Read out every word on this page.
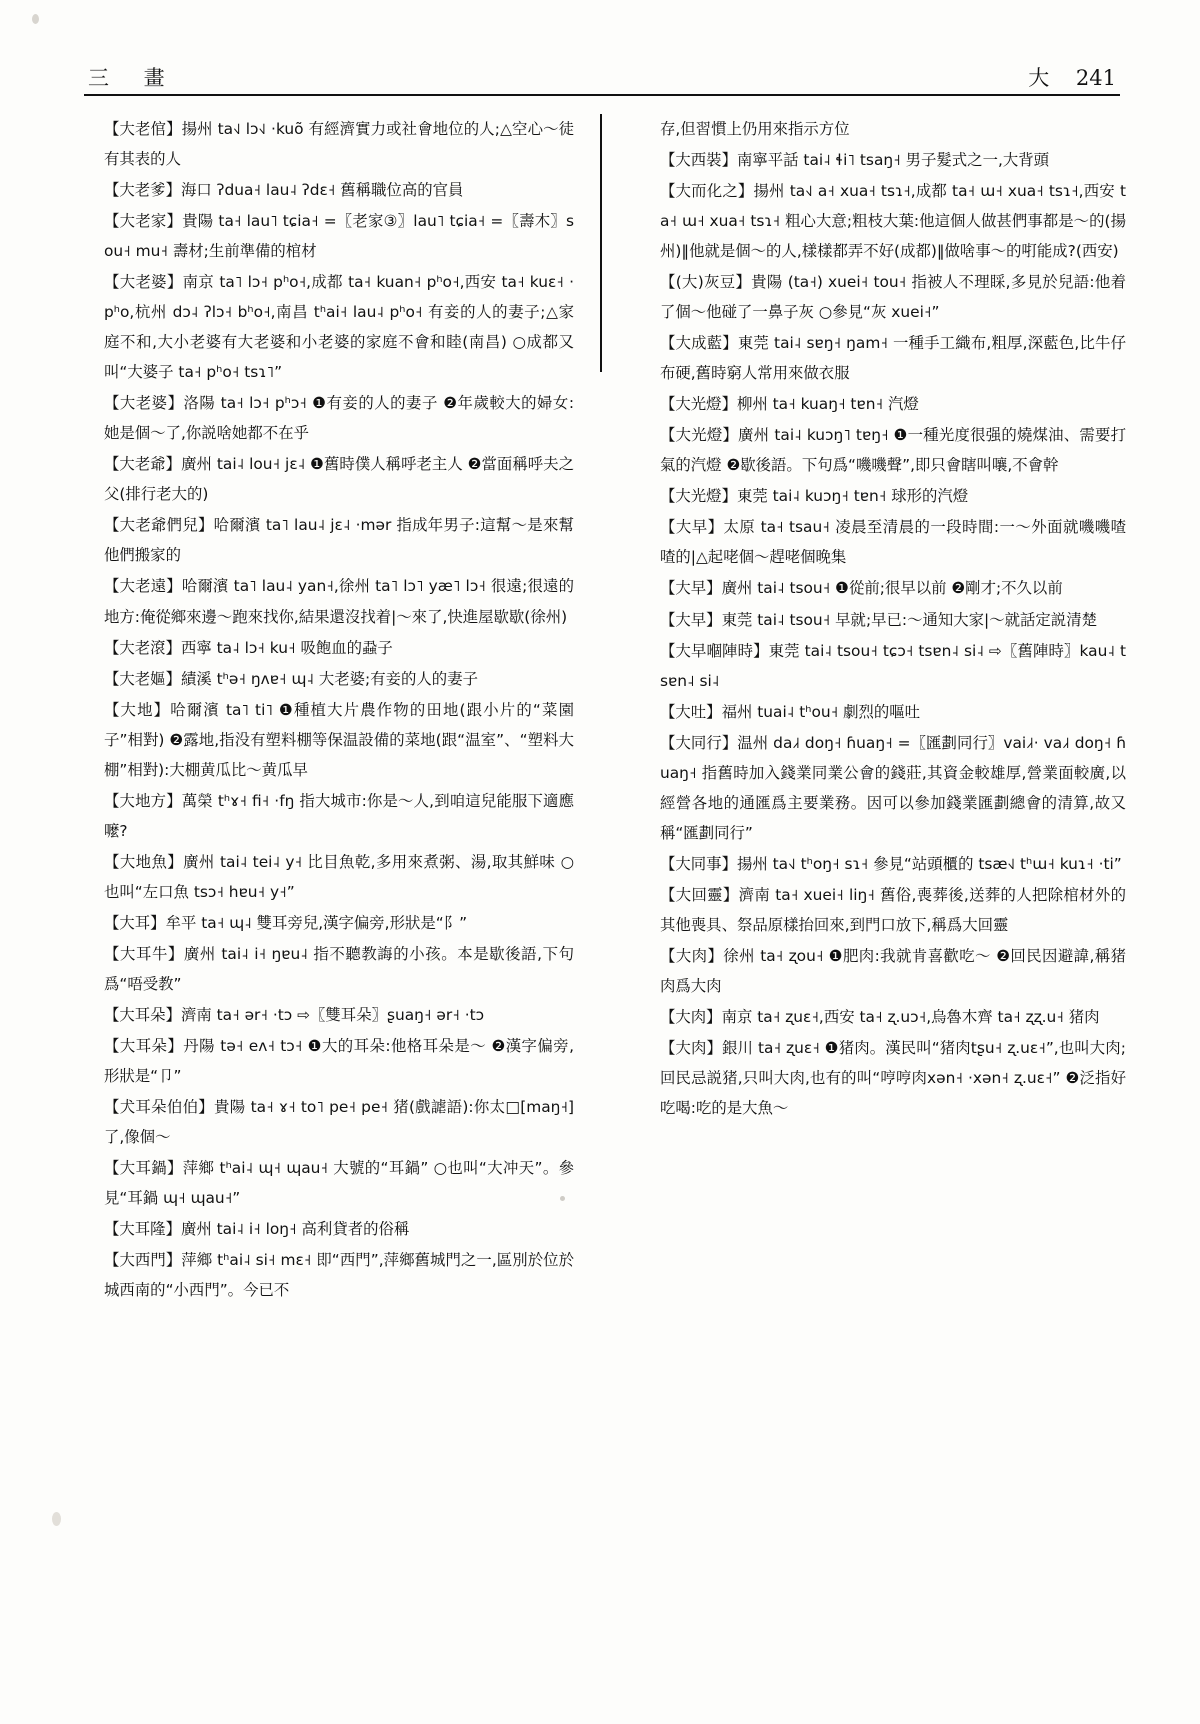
三 畫	大 241

【大老倌】揚州 ta˧˩ lɔ˧˩ ·kuõ 有經濟實力或社會地位的人;△空心～徒有其表的人

【大老爹】海口 ʔdua˧ lau˨ ʔdɛ˧ 舊稱職位高的官員

【大老家】貴陽 ta˧ lau˥ tɕia˧ =〖老家③〗lau˥ tɕia˧ =〖壽木〗sou˧ mu˧ 壽材;生前準備的棺材

【大老婆】南京 ta˥ lɔ˧ pʰo˧,成都 ta˧ kuan˧ pʰo˧,西安 ta˧ kuɛ˧ ·pʰo,杭州 dɔ˨ ʔlɔ˧ bʰo˧,南昌 tʰai˧ lau˨ pʰo˧ 有妾的人的妻子;△家庭不和,大小老婆有大老婆和小老婆的家庭不會和睦(南昌) ○成都又叫“大婆子 ta˧ pʰo˧ tsɿ˥”

【大老婆】洛陽 ta˧ lɔ˧ pʰɔ˧ ❶有妾的人的妻子 ❷年歲較大的婦女:她是個～了,你説啥她都不在乎

【大老爺】廣州 tai˨ lou˧ jɛ˨ ❶舊時僕人稱呼老主人 ❷當面稱呼夫之父(排行老大的)

【大老爺們兒】哈爾濱 ta˥ lau˨ jɛ˨ ·mər 指成年男子:這幫～是來幫他們搬家的

【大老遠】哈爾濱 ta˥ lau˨ yan˧,徐州 ta˥ lɔ˥ yæ˥ lɔ˧ 很遠;很遠的地方:俺從鄉來邊～跑來找你,結果還沒找着|～來了,快進屋歇歇(徐州)

【大老滾】西寧 ta˨ lɔ˧ ku˧ 吸飽血的蝨子

【大老嫗】績溪 tʰə˧ ŋʌɐ˧ ɰ˨ 大老婆;有妾的人的妻子

【大地】哈爾濱 ta˥ ti˥ ❶種植大片農作物的田地(跟小片的“菜園子”相對) ❷露地,指没有塑料棚等保温設備的菜地(跟“温室”、“塑料大棚”相對):大棚黄瓜比～黄瓜早

【大地方】萬榮 tʰɤ˧ fi˧ ·fŋ 指大城市:你是～人,到咱這兒能服下適應嚒?

【大地魚】廣州 tai˨ tei˨ y˧ 比目魚乾,多用來煮粥、湯,取其鮮味 ○也叫“左口魚 tsɔ˧ hɐu˧ y˧”

【大耳】牟平 ta˧ ɰ˨ 雙耳旁兒,漢字偏旁,形狀是“阝”

【大耳牛】廣州 tai˨ i˧ ŋɐu˨ 指不聽教誨的小孩。本是歇後語,下句爲“唔受教”

【大耳朵】濟南 ta˧ ər˧ ·tɔ ⇨〖雙耳朵〗ʂuaŋ˧ ər˧ ·tɔ

【大耳朵】丹陽 tə˧ eʌ˧ tɔ˧ ❶大的耳朵:他格耳朵是～ ❷漢字偏旁,形狀是“卩”

【犬耳朵伯伯】貴陽 ta˧ ɤ˧ to˥ pe˧ pe˧ 猪(戲謔語):你太□[maŋ˧]了,像個～

【大耳鍋】萍鄉 tʰai˨ ɰ˧ ɰau˧ 大號的“耳鍋” ○也叫“大冲天”。參見“耳鍋 ɰ˧ ɰau˧”

【大耳隆】廣州 tai˨ i˧ loŋ˧ 高利貸者的俗稱

【大西門】萍鄉 tʰai˨ si˧ mɛ˧ 即“西門”,萍鄉舊城門之一,區別於位於城西南的“小西門”。今已不

存,但習慣上仍用來指示方位

【大西裝】南寧平話 tai˨ ɬi˥ tsaŋ˧ 男子髮式之一,大背頭

【大而化之】揚州 ta˧˩ a˧ xua˧ tsɿ˧,成都 ta˧ ɯ˧ xua˧ tsɿ˧,西安 ta˧ ɯ˧ xua˧ tsɿ˧ 粗心大意;粗枝大葉:他這個人做甚們事都是～的(揚州)‖他就是個～的人,樣樣都弄不好(成都)‖做啥事～的咑能成?(西安)

【(大)灰豆】貴陽 (ta˧) xuei˧ tou˧ 指被人不理睬,多見於兒語:他着了個～他碰了一鼻子灰 ○參見“灰 xuei˧”

【大成藍】東莞 tai˨ sɐŋ˧ ŋam˧ 一種手工織布,粗厚,深藍色,比牛仔布硬,舊時窮人常用來做衣服

【大光燈】柳州 ta˧ kuaŋ˧ tɐn˧ 汽燈

【大光燈】廣州 tai˨ kuɔŋ˥ tɐŋ˧ ❶一種光度很强的燒煤油、需要打氣的汽燈 ❷歇後語。下句爲“嘰嘰聲”,即只會瞎叫嚷,不會幹

【大光燈】東莞 tai˨ kuɔŋ˧ tɐn˧ 球形的汽燈

【大早】太原 ta˧ tsau˧ 凌晨至清晨的一段時間:一～外面就嘰嘰喳喳的|△起咾個～趕咾個晚集

【大早】廣州 tai˨ tsou˧ ❶從前;很早以前 ❷剛才;不久以前

【大早】東莞 tai˨ tsou˧ 早就;早已:～通知大家|～就話定説清楚

【大早嗰陣時】東莞 tai˨ tsou˧ tɕɔ˧ tsɐn˨ si˨ ⇨〖舊陣時〗kau˨ tsɐn˨ si˨

【大吐】福州 tuai˨ tʰou˧ 劇烈的嘔吐

【大同行】温州 da˩˧ doŋ˧ ɦuaŋ˧ =〖匯劃同行〗vai˩˧· va˩˧ doŋ˧ ɦuaŋ˧ 指舊時加入錢業同業公會的錢莊,其資金較雄厚,營業面較廣,以經營各地的通匯爲主要業務。因可以參加錢業匯劃總會的清算,故又稱“匯劃同行”

【大同事】揚州 ta˧˩ tʰoŋ˧ sɿ˧ 參見“站頭櫃的 tsæ˧˩ tʰɯ˧ kuɿ˧ ·ti”

【大回靈】濟南 ta˧ xuei˧ liŋ˧ 舊俗,喪葬後,送葬的人把除棺材外的其他喪具、祭品原樣抬回來,到門口放下,稱爲大回靈

【大肉】徐州 ta˧ ʐou˧ ❶肥肉:我就肯喜歡吃～ ❷回民因避諱,稱猪肉爲大肉

【大肉】南京 ta˧ ʐuɛ˧,西安 ta˧ ʐ.uɔ˧,烏魯木齊 ta˧ ʐʐ.u˧ 猪肉

【大肉】銀川 ta˧ ʐuɛ˧ ❶猪肉。漢民叫“猪肉tʂu˧ ʐ.uɛ˧”,也叫大肉;回民忌説猪,只叫大肉,也有的叫“哼哼肉xən˧ ·xən˧ ʐ.uɛ˧” ❷泛指好吃喝:吃的是大魚～
